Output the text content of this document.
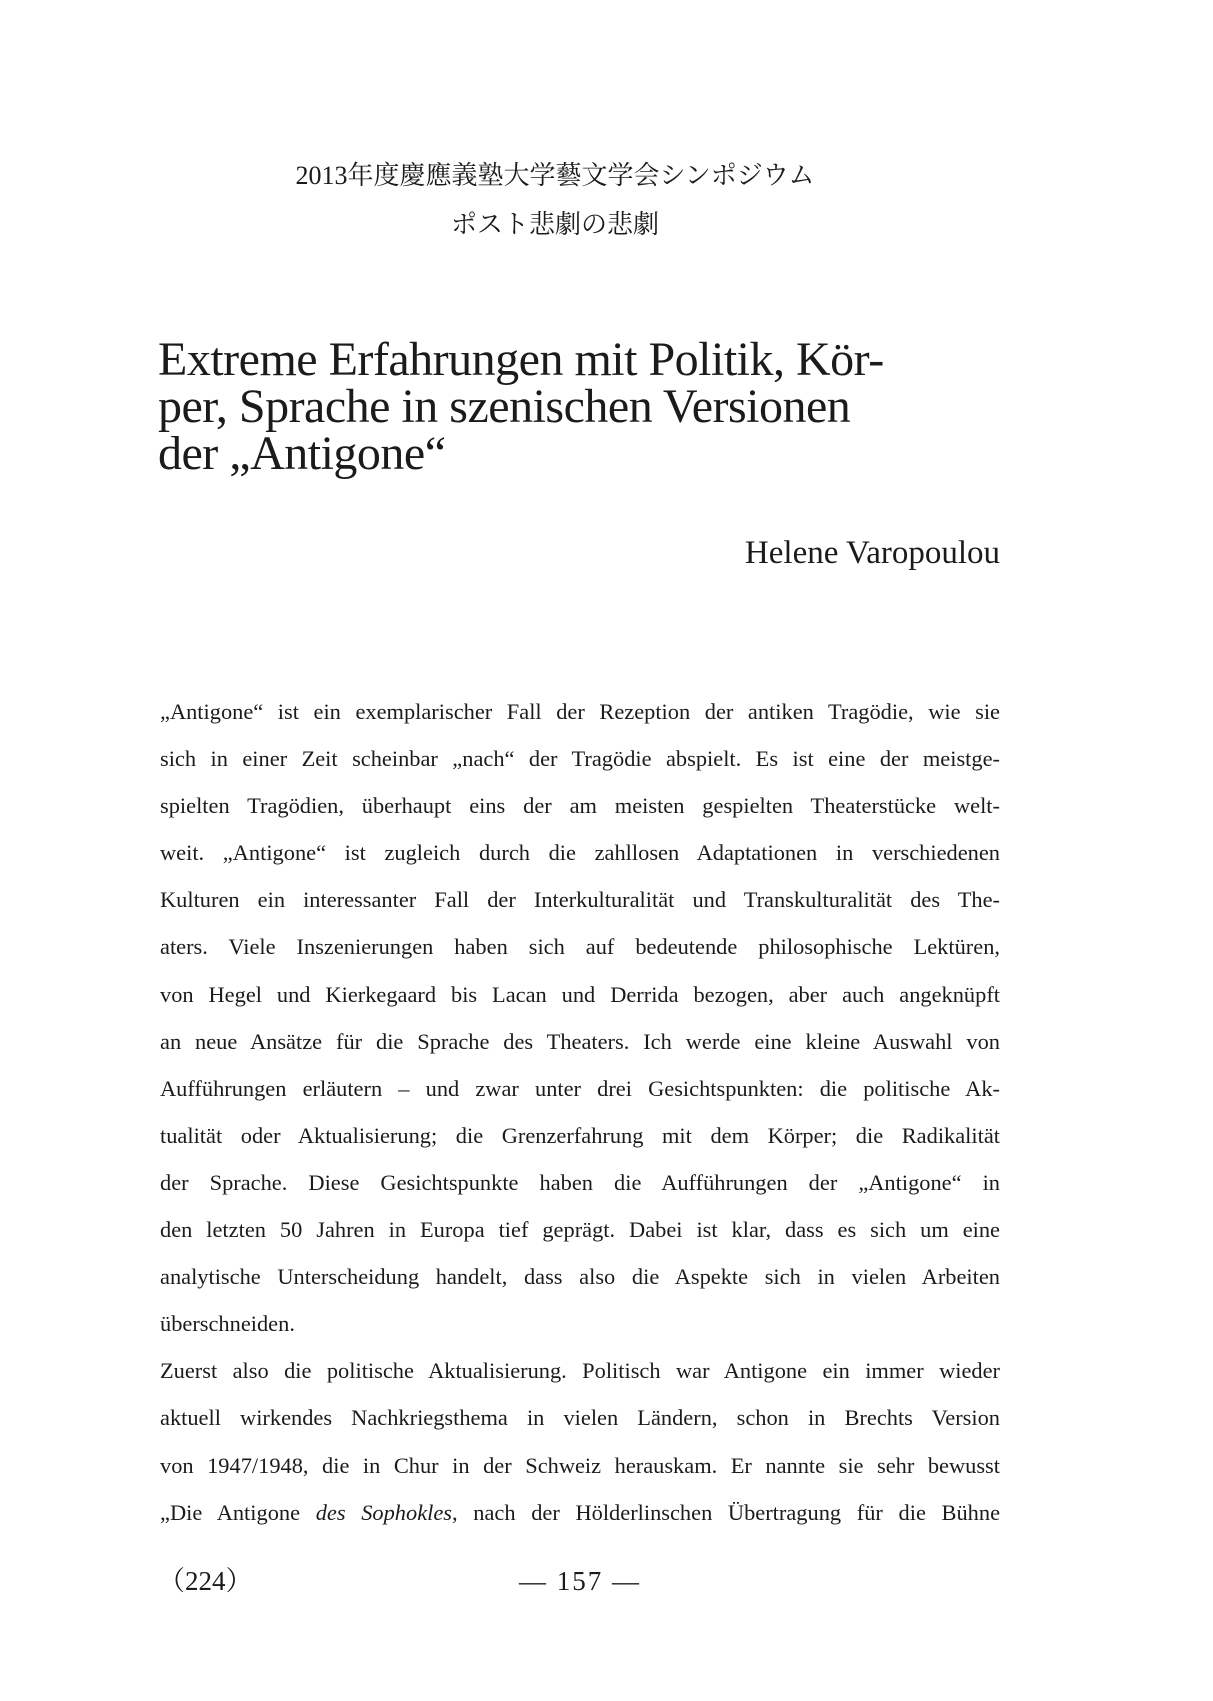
2013年度慶應義塾大学藝文学会シンポジウム
ポスト悲劇の悲劇
Extreme Erfahrungen mit Politik, Kör-
per, Sprache in szenischen Versionen
der „Antigone“
Helene Varopoulou
„Antigone“ ist ein exemplarischer Fall der Rezeption der antiken Tragödie, wie sie
sich in einer Zeit scheinbar „nach“ der Tragödie abspielt. Es ist eine der meistge-
spielten Tragödien, überhaupt eins der am meisten gespielten Theaterstücke welt-
weit. „Antigone“ ist zugleich durch die zahllosen Adaptationen in verschiedenen
Kulturen ein interessanter Fall der Interkulturalität und Transkulturalität des The-
aters. Viele Inszenierungen haben sich auf bedeutende philosophische Lektüren,
von Hegel und Kierkegaard bis Lacan und Derrida bezogen, aber auch angeknüpft
an neue Ansätze für die Sprache des Theaters. Ich werde eine kleine Auswahl von
Aufführungen erläutern – und zwar unter drei Gesichtspunkten: die politische Ak-
tualität oder Aktualisierung; die Grenzerfahrung mit dem Körper; die Radikalität
der Sprache. Diese Gesichtspunkte haben die Aufführungen der „Antigone“ in
den letzten 50 Jahren in Europa tief geprägt. Dabei ist klar, dass es sich um eine
analytische Unterscheidung handelt, dass also die Aspekte sich in vielen Arbeiten
überschneiden.
Zuerst also die politische Aktualisierung. Politisch war Antigone ein immer wieder
aktuell wirkendes Nachkriegsthema in vielen Ländern, schon in Brechts Version
von 1947/1948, die in Chur in der Schweiz herauskam. Er nannte sie sehr bewusst
„Die Antigone des Sophokles, nach der Hölderlinschen Übertragung für die Bühne
（224）	— 157 —
